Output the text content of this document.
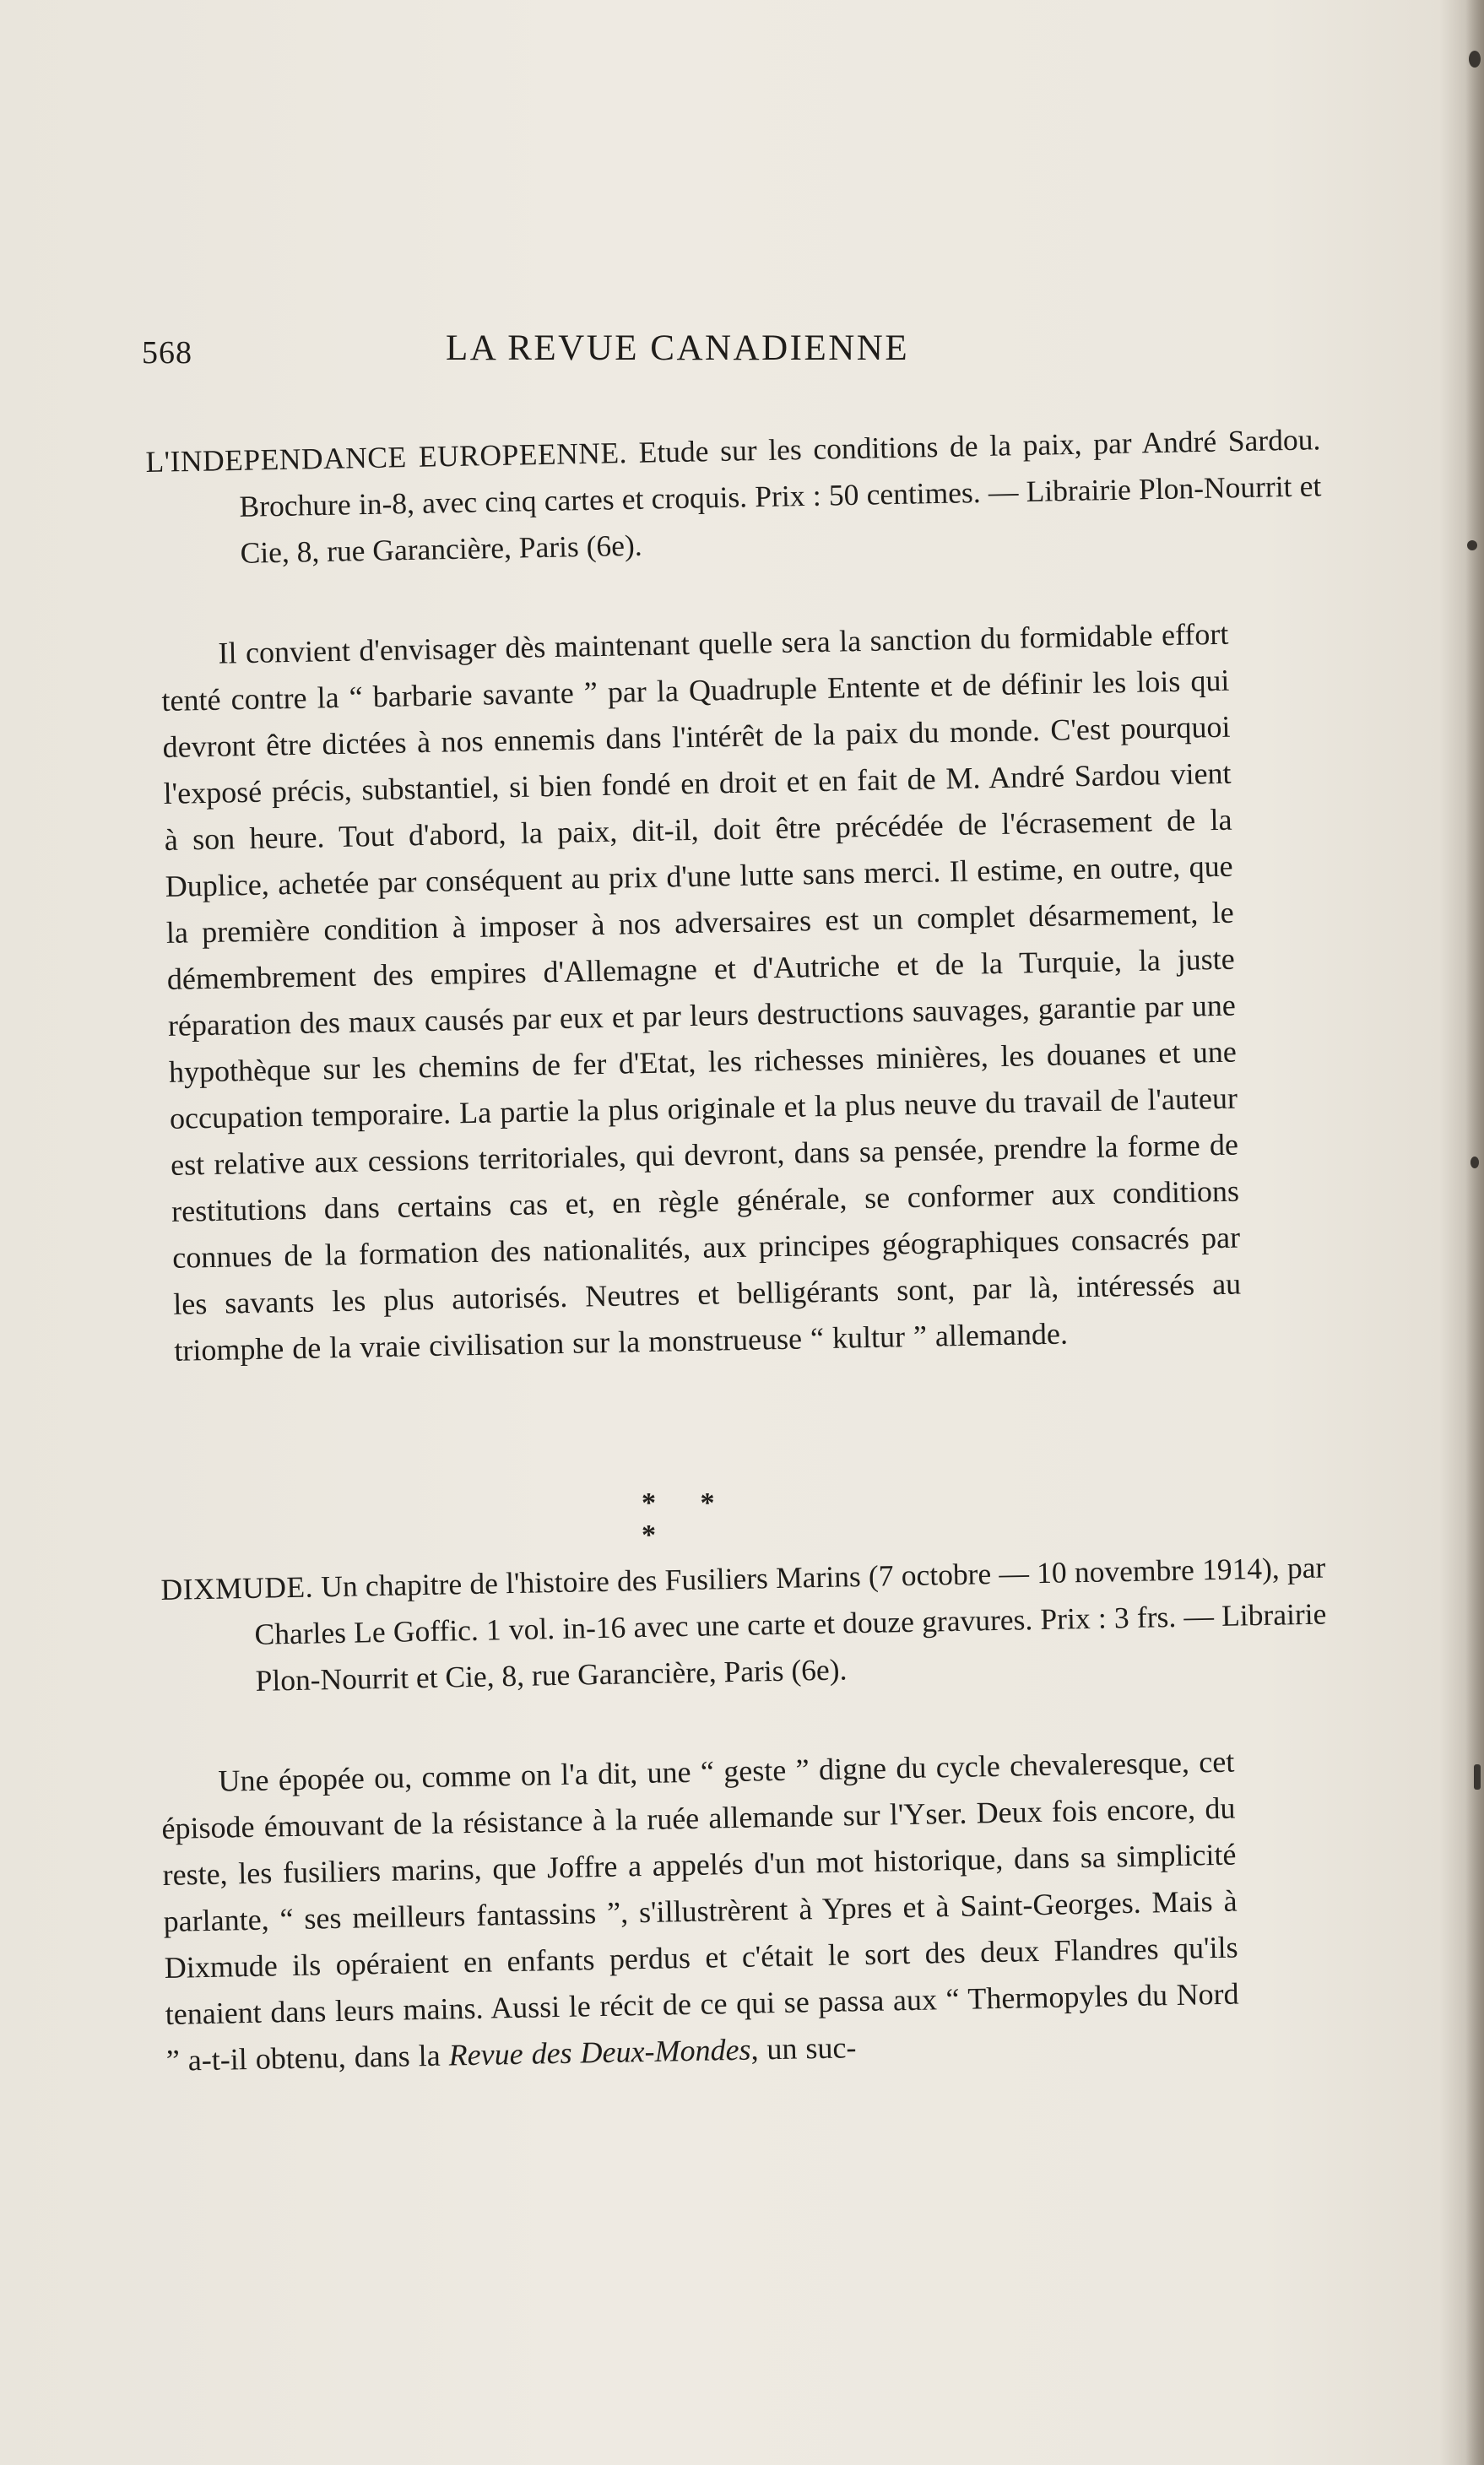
568	LA REVUE CANADIENNE
L'INDEPENDANCE EUROPEENNE. Etude sur les conditions de la paix, par André Sardou. Brochure in-8, avec cinq cartes et croquis. Prix : 50 centimes. — Librairie Plon-Nourrit et Cie, 8, rue Garancière, Paris (6e).
Il convient d'envisager dès maintenant quelle sera la sanction du formidable effort tenté contre la “ barbarie savante ” par la Quadruple Entente et de définir les lois qui devront être dictées à nos ennemis dans l'intérêt de la paix du monde. C'est pourquoi l'exposé précis, substantiel, si bien fondé en droit et en fait de M. André Sardou vient à son heure. Tout d'abord, la paix, dit-il, doit être précédée de l'écrasement de la Duplice, achetée par conséquent au prix d'une lutte sans merci. Il estime, en outre, que la première condition à imposer à nos adversaires est un complet désarmement, le démembrement des empires d'Allemagne et d'Autriche et de la Turquie, la juste réparation des maux causés par eux et par leurs destructions sauvages, garantie par une hypothèque sur les chemins de fer d'Etat, les richesses minières, les douanes et une occupation temporaire. La partie la plus originale et la plus neuve du travail de l'auteur est relative aux cessions territoriales, qui devront, dans sa pensée, prendre la forme de restitutions dans certains cas et, en règle générale, se conformer aux conditions connues de la formation des nationalités, aux principes géographiques consacrés par les savants les plus autorisés. Neutres et belligérants sont, par là, intéressés au triomphe de la vraie civilisation sur la monstrueuse “ kultur ” allemande.
* * *
DIXMUDE. Un chapitre de l'histoire des Fusiliers Marins (7 octobre — 10 novembre 1914), par Charles Le Goffic. 1 vol. in-16 avec une carte et douze gravures. Prix : 3 frs. — Librairie Plon-Nourrit et Cie, 8, rue Garancière, Paris (6e).
Une épopée ou, comme on l'a dit, une “ geste ” digne du cycle chevaleresque, cet épisode émouvant de la résistance à la ruée allemande sur l'Yser. Deux fois encore, du reste, les fusiliers marins, que Joffre a appelés d'un mot historique, dans sa simplicité parlante, “ ses meilleurs fantassins ”, s'illustrèrent à Ypres et à Saint-Georges. Mais à Dixmude ils opéraient en enfants perdus et c'était le sort des deux Flandres qu'ils tenaient dans leurs mains. Aussi le récit de ce qui se passa aux “ Thermopyles du Nord ” a-t-il obtenu, dans la Revue des Deux-Mondes, un suc-
